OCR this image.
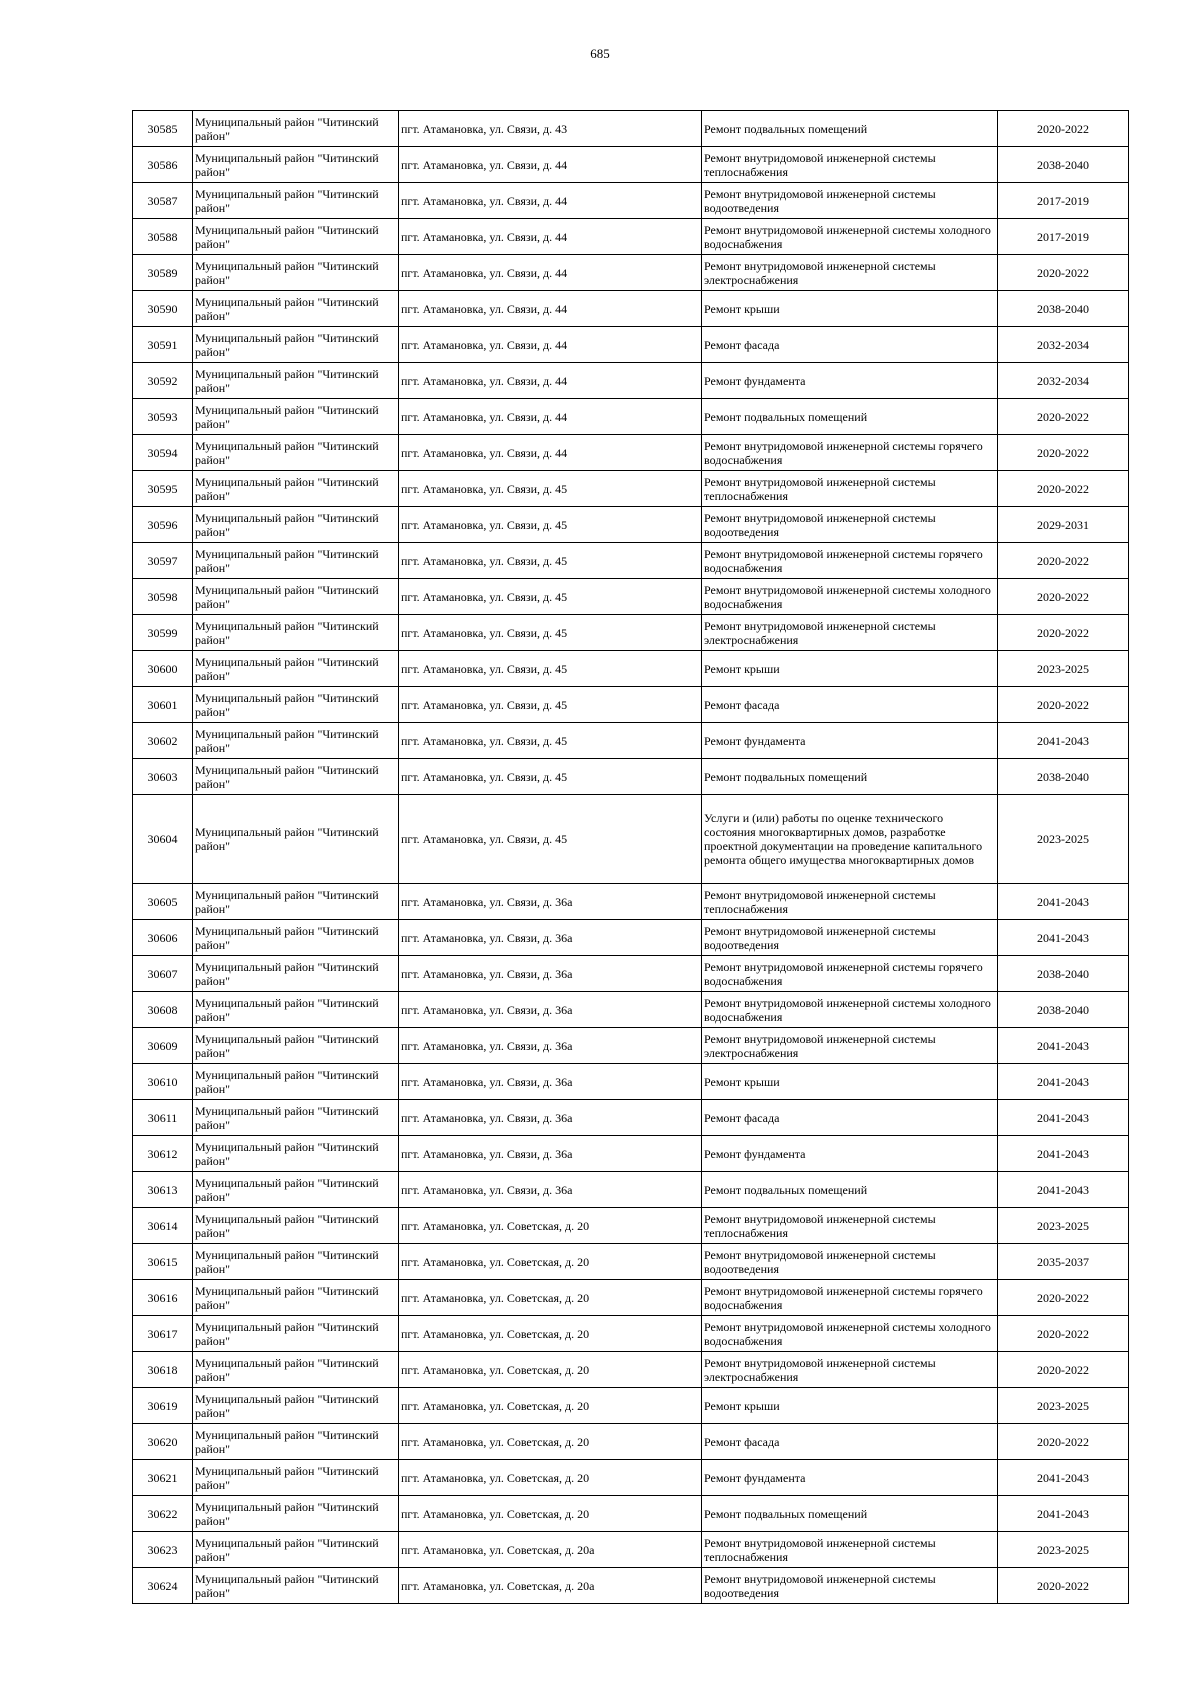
685
30585	Муниципальный район "Читинский район"	пгт. Атамановка, ул. Связи, д. 43	Ремонт подвальных помещений	2020-2022
30586	Муниципальный район "Читинский район"	пгт. Атамановка, ул. Связи, д. 44	Ремонт внутридомовой инженерной системы теплоснабжения	2038-2040
30587	Муниципальный район "Читинский район"	пгт. Атамановка, ул. Связи, д. 44	Ремонт внутридомовой инженерной системы водоотведения	2017-2019
30588	Муниципальный район "Читинский район"	пгт. Атамановка, ул. Связи, д. 44	Ремонт внутридомовой инженерной системы холодного водоснабжения	2017-2019
30589	Муниципальный район "Читинский район"	пгт. Атамановка, ул. Связи, д. 44	Ремонт внутридомовой инженерной системы электроснабжения	2020-2022
30590	Муниципальный район "Читинский район"	пгт. Атамановка, ул. Связи, д. 44	Ремонт крыши	2038-2040
30591	Муниципальный район "Читинский район"	пгт. Атамановка, ул. Связи, д. 44	Ремонт фасада	2032-2034
30592	Муниципальный район "Читинский район"	пгт. Атамановка, ул. Связи, д. 44	Ремонт фундамента	2032-2034
30593	Муниципальный район "Читинский район"	пгт. Атамановка, ул. Связи, д. 44	Ремонт подвальных помещений	2020-2022
30594	Муниципальный район "Читинский район"	пгт. Атамановка, ул. Связи, д. 44	Ремонт внутридомовой инженерной системы горячего водоснабжения	2020-2022
30595	Муниципальный район "Читинский район"	пгт. Атамановка, ул. Связи, д. 45	Ремонт внутридомовой инженерной системы теплоснабжения	2020-2022
30596	Муниципальный район "Читинский район"	пгт. Атамановка, ул. Связи, д. 45	Ремонт внутридомовой инженерной системы водоотведения	2029-2031
30597	Муниципальный район "Читинский район"	пгт. Атамановка, ул. Связи, д. 45	Ремонт внутридомовой инженерной системы горячего водоснабжения	2020-2022
30598	Муниципальный район "Читинский район"	пгт. Атамановка, ул. Связи, д. 45	Ремонт внутридомовой инженерной системы холодного водоснабжения	2020-2022
30599	Муниципальный район "Читинский район"	пгт. Атамановка, ул. Связи, д. 45	Ремонт внутридомовой инженерной системы электроснабжения	2020-2022
30600	Муниципальный район "Читинский район"	пгт. Атамановка, ул. Связи, д. 45	Ремонт крыши	2023-2025
30601	Муниципальный район "Читинский район"	пгт. Атамановка, ул. Связи, д. 45	Ремонт фасада	2020-2022
30602	Муниципальный район "Читинский район"	пгт. Атамановка, ул. Связи, д. 45	Ремонт фундамента	2041-2043
30603	Муниципальный район "Читинский район"	пгт. Атамановка, ул. Связи, д. 45	Ремонт подвальных помещений	2038-2040
30604	Муниципальный район "Читинский район"	пгт. Атамановка, ул. Связи, д. 45	Услуги и (или) работы по оценке технического состояния многоквартирных домов, разработке проектной документации на проведение капитального ремонта общего имущества многоквартирных домов	2023-2025
30605	Муниципальный район "Читинский район"	пгт. Атамановка, ул. Связи, д. 36а	Ремонт внутридомовой инженерной системы теплоснабжения	2041-2043
30606	Муниципальный район "Читинский район"	пгт. Атамановка, ул. Связи, д. 36а	Ремонт внутридомовой инженерной системы водоотведения	2041-2043
30607	Муниципальный район "Читинский район"	пгт. Атамановка, ул. Связи, д. 36а	Ремонт внутридомовой инженерной системы горячего водоснабжения	2038-2040
30608	Муниципальный район "Читинский район"	пгт. Атамановка, ул. Связи, д. 36а	Ремонт внутридомовой инженерной системы холодного водоснабжения	2038-2040
30609	Муниципальный район "Читинский район"	пгт. Атамановка, ул. Связи, д. 36а	Ремонт внутридомовой инженерной системы электроснабжения	2041-2043
30610	Муниципальный район "Читинский район"	пгт. Атамановка, ул. Связи, д. 36а	Ремонт крыши	2041-2043
30611	Муниципальный район "Читинский район"	пгт. Атамановка, ул. Связи, д. 36а	Ремонт фасада	2041-2043
30612	Муниципальный район "Читинский район"	пгт. Атамановка, ул. Связи, д. 36а	Ремонт фундамента	2041-2043
30613	Муниципальный район "Читинский район"	пгт. Атамановка, ул. Связи, д. 36а	Ремонт подвальных помещений	2041-2043
30614	Муниципальный район "Читинский район"	пгт. Атамановка, ул. Советская, д. 20	Ремонт внутридомовой инженерной системы теплоснабжения	2023-2025
30615	Муниципальный район "Читинский район"	пгт. Атамановка, ул. Советская, д. 20	Ремонт внутридомовой инженерной системы водоотведения	2035-2037
30616	Муниципальный район "Читинский район"	пгт. Атамановка, ул. Советская, д. 20	Ремонт внутридомовой инженерной системы горячего водоснабжения	2020-2022
30617	Муниципальный район "Читинский район"	пгт. Атамановка, ул. Советская, д. 20	Ремонт внутридомовой инженерной системы холодного водоснабжения	2020-2022
30618	Муниципальный район "Читинский район"	пгт. Атамановка, ул. Советская, д. 20	Ремонт внутридомовой инженерной системы электроснабжения	2020-2022
30619	Муниципальный район "Читинский район"	пгт. Атамановка, ул. Советская, д. 20	Ремонт крыши	2023-2025
30620	Муниципальный район "Читинский район"	пгт. Атамановка, ул. Советская, д. 20	Ремонт фасада	2020-2022
30621	Муниципальный район "Читинский район"	пгт. Атамановка, ул. Советская, д. 20	Ремонт фундамента	2041-2043
30622	Муниципальный район "Читинский район"	пгт. Атамановка, ул. Советская, д. 20	Ремонт подвальных помещений	2041-2043
30623	Муниципальный район "Читинский район"	пгт. Атамановка, ул. Советская, д. 20а	Ремонт внутридомовой инженерной системы теплоснабжения	2023-2025
30624	Муниципальный район "Читинский район"	пгт. Атамановка, ул. Советская, д. 20а	Ремонт внутридомовой инженерной системы водоотведения	2020-2022
